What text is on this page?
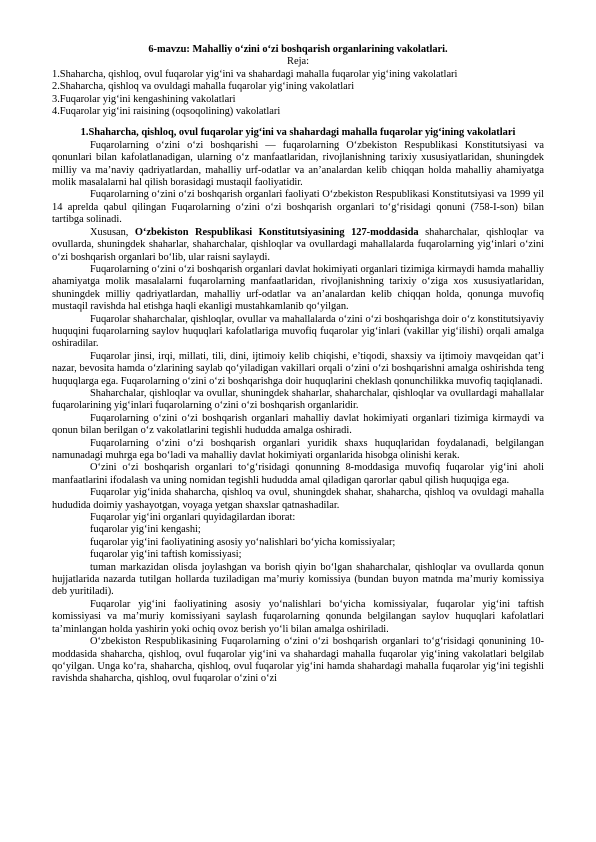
6-mavzu: Mahalliy o‘zini o‘zi boshqarish organlarining vakolatlari.

Reja:

1.Shaharcha, qishloq, ovul fuqarolar yig‘ini va shahardagi mahalla fuqarolar yig‘ining vakolatlari

2.Shaharcha, qishloq va ovuldagi mahalla fuqarolar yig‘ining vakolatlari

3.Fuqarolar yig‘ini kengashining vakolatlari

4.Fuqarolar yig‘ini raisining (oqsoqolining) vakolatlari

1.Shaharcha, qishloq, ovul fuqarolar yig‘ini va shahardagi mahalla fuqarolar yig‘ining vakolatlari

Fuqarolarning o‘zini o‘zi boshqarishi — fuqarolarning O‘zbekiston Respublikasi Konstitutsiyasi va qonunlari bilan kafolatlanadigan, ularning o‘z manfaatlaridan, rivojlanishning tarixiy xususiyatlaridan, shuningdek milliy va ma’naviy qadriyatlardan, mahalliy urf-odatlar va an’analardan kelib chiqqan holda mahalliy ahamiyatga molik masalalarni hal qilish borasidagi mustaqil faoliyatidir.

Fuqarolarning o‘zini o‘zi boshqarish organlari faoliyati O‘zbekiston Respublikasi Konstitutsiyasi va 1999 yil 14 aprelda qabul qilingan Fuqarolarning o‘zini o‘zi boshqarish organlari to‘g‘risidagi qonuni (758-I-son) bilan tartibga solinadi.

Xususan, O‘zbekiston Respublikasi Konstitutsiyasining 127-moddasida shaharchalar, qishloqlar va ovullarda, shuningdek shaharlar, shaharchalar, qishloqlar va ovullardagi mahallalarda fuqarolarning yig‘inlari o‘zini o‘zi boshqarish organlari bo‘lib, ular raisni saylaydi.

Fuqarolarning o‘zini o‘zi boshqarish organlari davlat hokimiyati organlari tizimiga kirmaydi hamda mahalliy ahamiyatga molik masalalarni fuqarolarning manfaatlaridan, rivojlanishning tarixiy o‘ziga xos xususiyatlaridan, shuningdek milliy qadriyatlardan, mahalliy urf-odatlar va an’analardan kelib chiqqan holda, qonunga muvofiq mustaqil ravishda hal etishga haqli ekanligi mustahkamlanib qo‘yilgan.

Fuqarolar shaharchalar, qishloqlar, ovullar va mahallalarda o‘zini o‘zi boshqarishga doir o‘z konstitutsiyaviy huquqini fuqarolarning saylov huquqlari kafolatlariga muvofiq fuqarolar yig‘inlari (vakillar yig‘ilishi) orqali amalga oshiradilar.

Fuqarolar jinsi, irqi, millati, tili, dini, ijtimoiy kelib chiqishi, e’tiqodi, shaxsiy va ijtimoiy mavqeidan qat’i nazar, bevosita hamda o‘zlarining saylab qo‘yiladigan vakillari orqali o‘zini o‘zi boshqarishni amalga oshirishda teng huquqlarga ega. Fuqarolarning o‘zini o‘zi boshqarishga doir huquqlarini cheklash qonunchilikka muvofiq taqiqlanadi.

Shaharchalar, qishloqlar va ovullar, shuningdek shaharlar, shaharchalar, qishloqlar va ovullardagi mahallalar fuqarolarining yig‘inlari fuqarolarning o‘zini o‘zi boshqarish organlaridir.

Fuqarolarning o‘zini o‘zi boshqarish organlari mahalliy davlat hokimiyati organlari tizimiga kirmaydi va qonun bilan berilgan o‘z vakolatlarini tegishli hududda amalga oshiradi.

Fuqarolarning o‘zini o‘zi boshqarish organlari yuridik shaxs huquqlaridan foydalanadi, belgilangan namunadagi muhrga ega bo‘ladi va mahalliy davlat hokimiyati organlarida hisobga olinishi kerak.

O‘zini o‘zi boshqarish organlari to‘g‘risidagi qonunning 8-moddasiga muvofiq fuqarolar yig‘ini aholi manfaatlarini ifodalash va uning nomidan tegishli hududda amal qiladigan qarorlar qabul qilish huquqiga ega.

Fuqarolar yig‘inida shaharcha, qishloq va ovul, shuningdek shahar, shaharcha, qishloq va ovuldagi mahalla hududida doimiy yashayotgan, voyaga yetgan shaxslar qatnashadilar.

Fuqarolar yig‘ini organlari quyidagilardan iborat:

fuqarolar yig‘ini kengashi;

fuqarolar yig‘ini faoliyatining asosiy yo‘nalishlari bo‘yicha komissiyalar;

fuqarolar yig‘ini taftish komissiyasi;

tuman markazidan olisda joylashgan va borish qiyin bo‘lgan shaharchalar, qishloqlar va ovullarda qonun hujjatlarida nazarda tutilgan hollarda tuziladigan ma’muriy komissiya (bundan buyon matnda ma’muriy komissiya deb yuritiladi).

Fuqarolar yig‘ini faoliyatining asosiy yo‘nalishlari bo‘yicha komissiyalar, fuqarolar yig‘ini taftish komissiyasi va ma’muriy komissiyani saylash fuqarolarning qonunda belgilangan saylov huquqlari kafolatlari ta’minlangan holda yashirin yoki ochiq ovoz berish yo‘li bilan amalga oshiriladi.

O‘zbekiston Respublikasining Fuqarolarning o‘zini o‘zi boshqarish organlari to‘g‘risidagi qonunining 10-moddasida shaharcha, qishloq, ovul fuqarolar yig‘ini va shahardagi mahalla fuqarolar yig‘ining vakolatlari belgilab qo‘yilgan. Unga ko‘ra, shaharcha, qishloq, ovul fuqarolar yig‘ini hamda shahardagi mahalla fuqarolar yig‘ini tegishli ravishda shaharcha, qishloq, ovul fuqarolar o‘zini o‘zi
